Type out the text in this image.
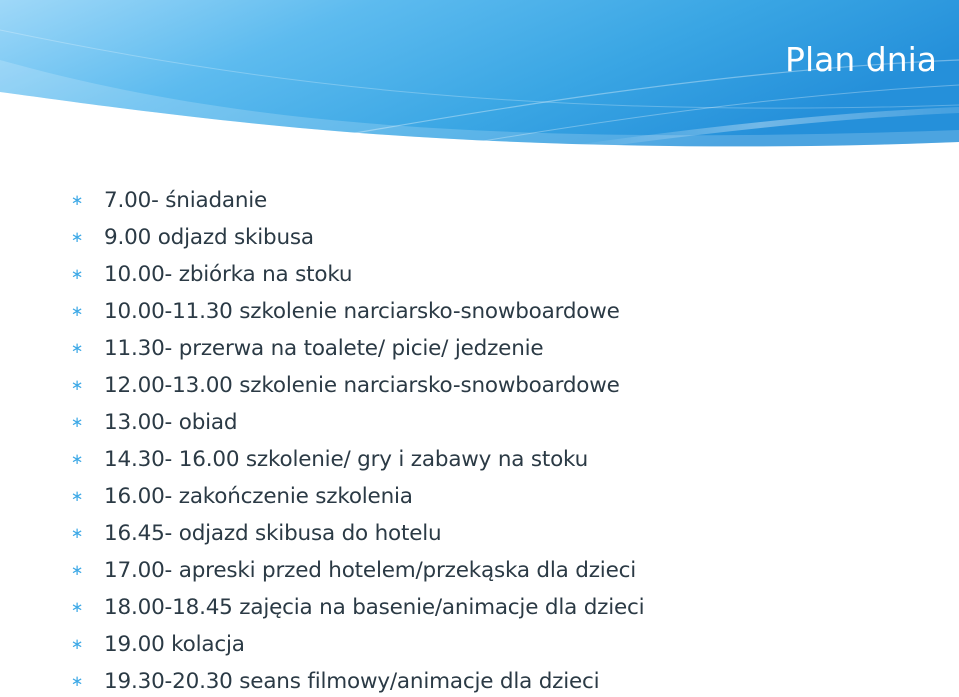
Plan dnia
∗ 7.00- śniadanie
∗ 9.00 odjazd skibusa
∗ 10.00- zbiórka na stoku
∗ 10.00-11.30 szkolenie narciarsko-snowboardowe
∗ 11.30- przerwa na toalete/ picie/ jedzenie
∗ 12.00-13.00 szkolenie narciarsko-snowboardowe
∗ 13.00- obiad
∗ 14.30- 16.00 szkolenie/ gry i zabawy na stoku
∗ 16.00- zakończenie szkolenia
∗ 16.45- odjazd skibusa do hotelu
∗ 17.00- apreski przed hotelem/przekąska dla dzieci
∗ 18.00-18.45 zajęcia na basenie/animacje dla dzieci
∗ 19.00 kolacja
∗ 19.30-20.30 seans filmowy/animacje dla dzieci
